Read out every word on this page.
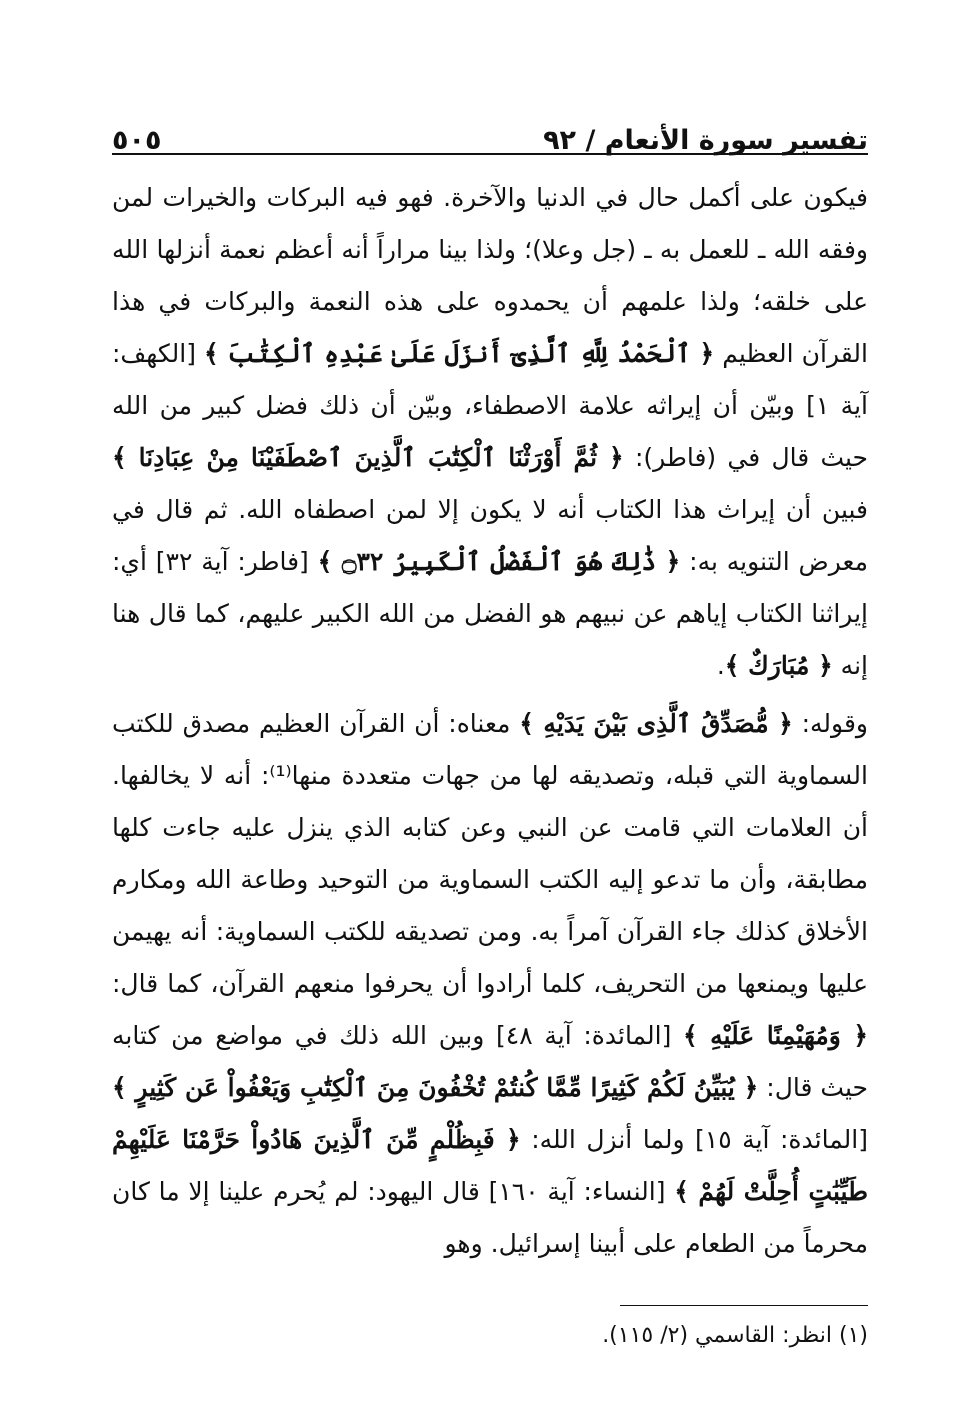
تفسير سورة الأنعام / ٩٢
٥٠٥

فيكون على أكمل حال في الدنيا والآخرة. فهو فيه البركات والخيرات لمن وفقه الله ـ للعمل به ـ (جل وعلا)؛ ولذا بينا مراراً أنه أعظم نعمة أنزلها الله على خلقه؛ ولذا علمهم أن يحمدوه على هذه النعمة والبركات في هذا القرآن العظيم ﴿ ٱلْحَمْدُ لِلَّهِ ٱلَّذِىٓ أَنزَلَ عَلَىٰ عَبْدِهِ ٱلْكِتَٰبَ ﴾ [الكهف: آية ١] وبيّن أن إيراثه علامة الاصطفاء، وبيّن أن ذلك فضل كبير من الله حيث قال في (فاطر): ﴿ ثُمَّ أَوْرَثْنَا ٱلْكِتَٰبَ ٱلَّذِينَ ٱصْطَفَيْنَا مِنْ عِبَادِنَا ﴾ فبين أن إيراث هذا الكتاب أنه لا يكون إلا لمن اصطفاه الله. ثم قال في معرض التنويه به: ﴿ ذَٰلِكَ هُوَ ٱلْفَضْلُ ٱلْكَبِيرُ ۝٣٢ ﴾ [فاطر: آية ٣٢] أي: إيراثنا الكتاب إياهم عن نبيهم هو الفضل من الله الكبير عليهم، كما قال هنا إنه ﴿ مُبَارَكٌ ﴾.

وقوله: ﴿ مُّصَدِّقُ ٱلَّذِى بَيْنَ يَدَيْهِ ﴾ معناه: أن القرآن العظيم مصدق للكتب السماوية التي قبله، وتصديقه لها من جهات متعددة منها⁽¹⁾: أنه لا يخالفها. أن العلامات التي قامت عن النبي وعن كتابه الذي ينزل عليه جاءت كلها مطابقة، وأن ما تدعو إليه الكتب السماوية من التوحيد وطاعة الله ومكارم الأخلاق كذلك جاء القرآن آمراً به. ومن تصديقه للكتب السماوية: أنه يهيمن عليها ويمنعها من التحريف، كلما أرادوا أن يحرفوا منعهم القرآن، كما قال: ﴿ وَمُهَيْمِنًا عَلَيْهِ ﴾ [المائدة: آية ٤٨] وبين الله ذلك في مواضع من كتابه حيث قال: ﴿ يُبَيِّنُ لَكُمْ كَثِيرًا مِّمَّا كُنتُمْ تُخْفُونَ مِنَ ٱلْكِتَٰبِ وَيَعْفُواْ عَن كَثِيرٍ ﴾ [المائدة: آية ١٥] ولما أنزل الله: ﴿ فَبِظُلْمٍ مِّنَ ٱلَّذِينَ هَادُواْ حَرَّمْنَا عَلَيْهِمْ طَيِّبَٰتٍ أُحِلَّتْ لَهُمْ ﴾ [النساء: آية ١٦٠] قال اليهود: لم يُحرم علينا إلا ما كان محرماً من الطعام على أبينا إسرائيل. وهو

(١) انظر: القاسمي (٢/ ١١٥).
